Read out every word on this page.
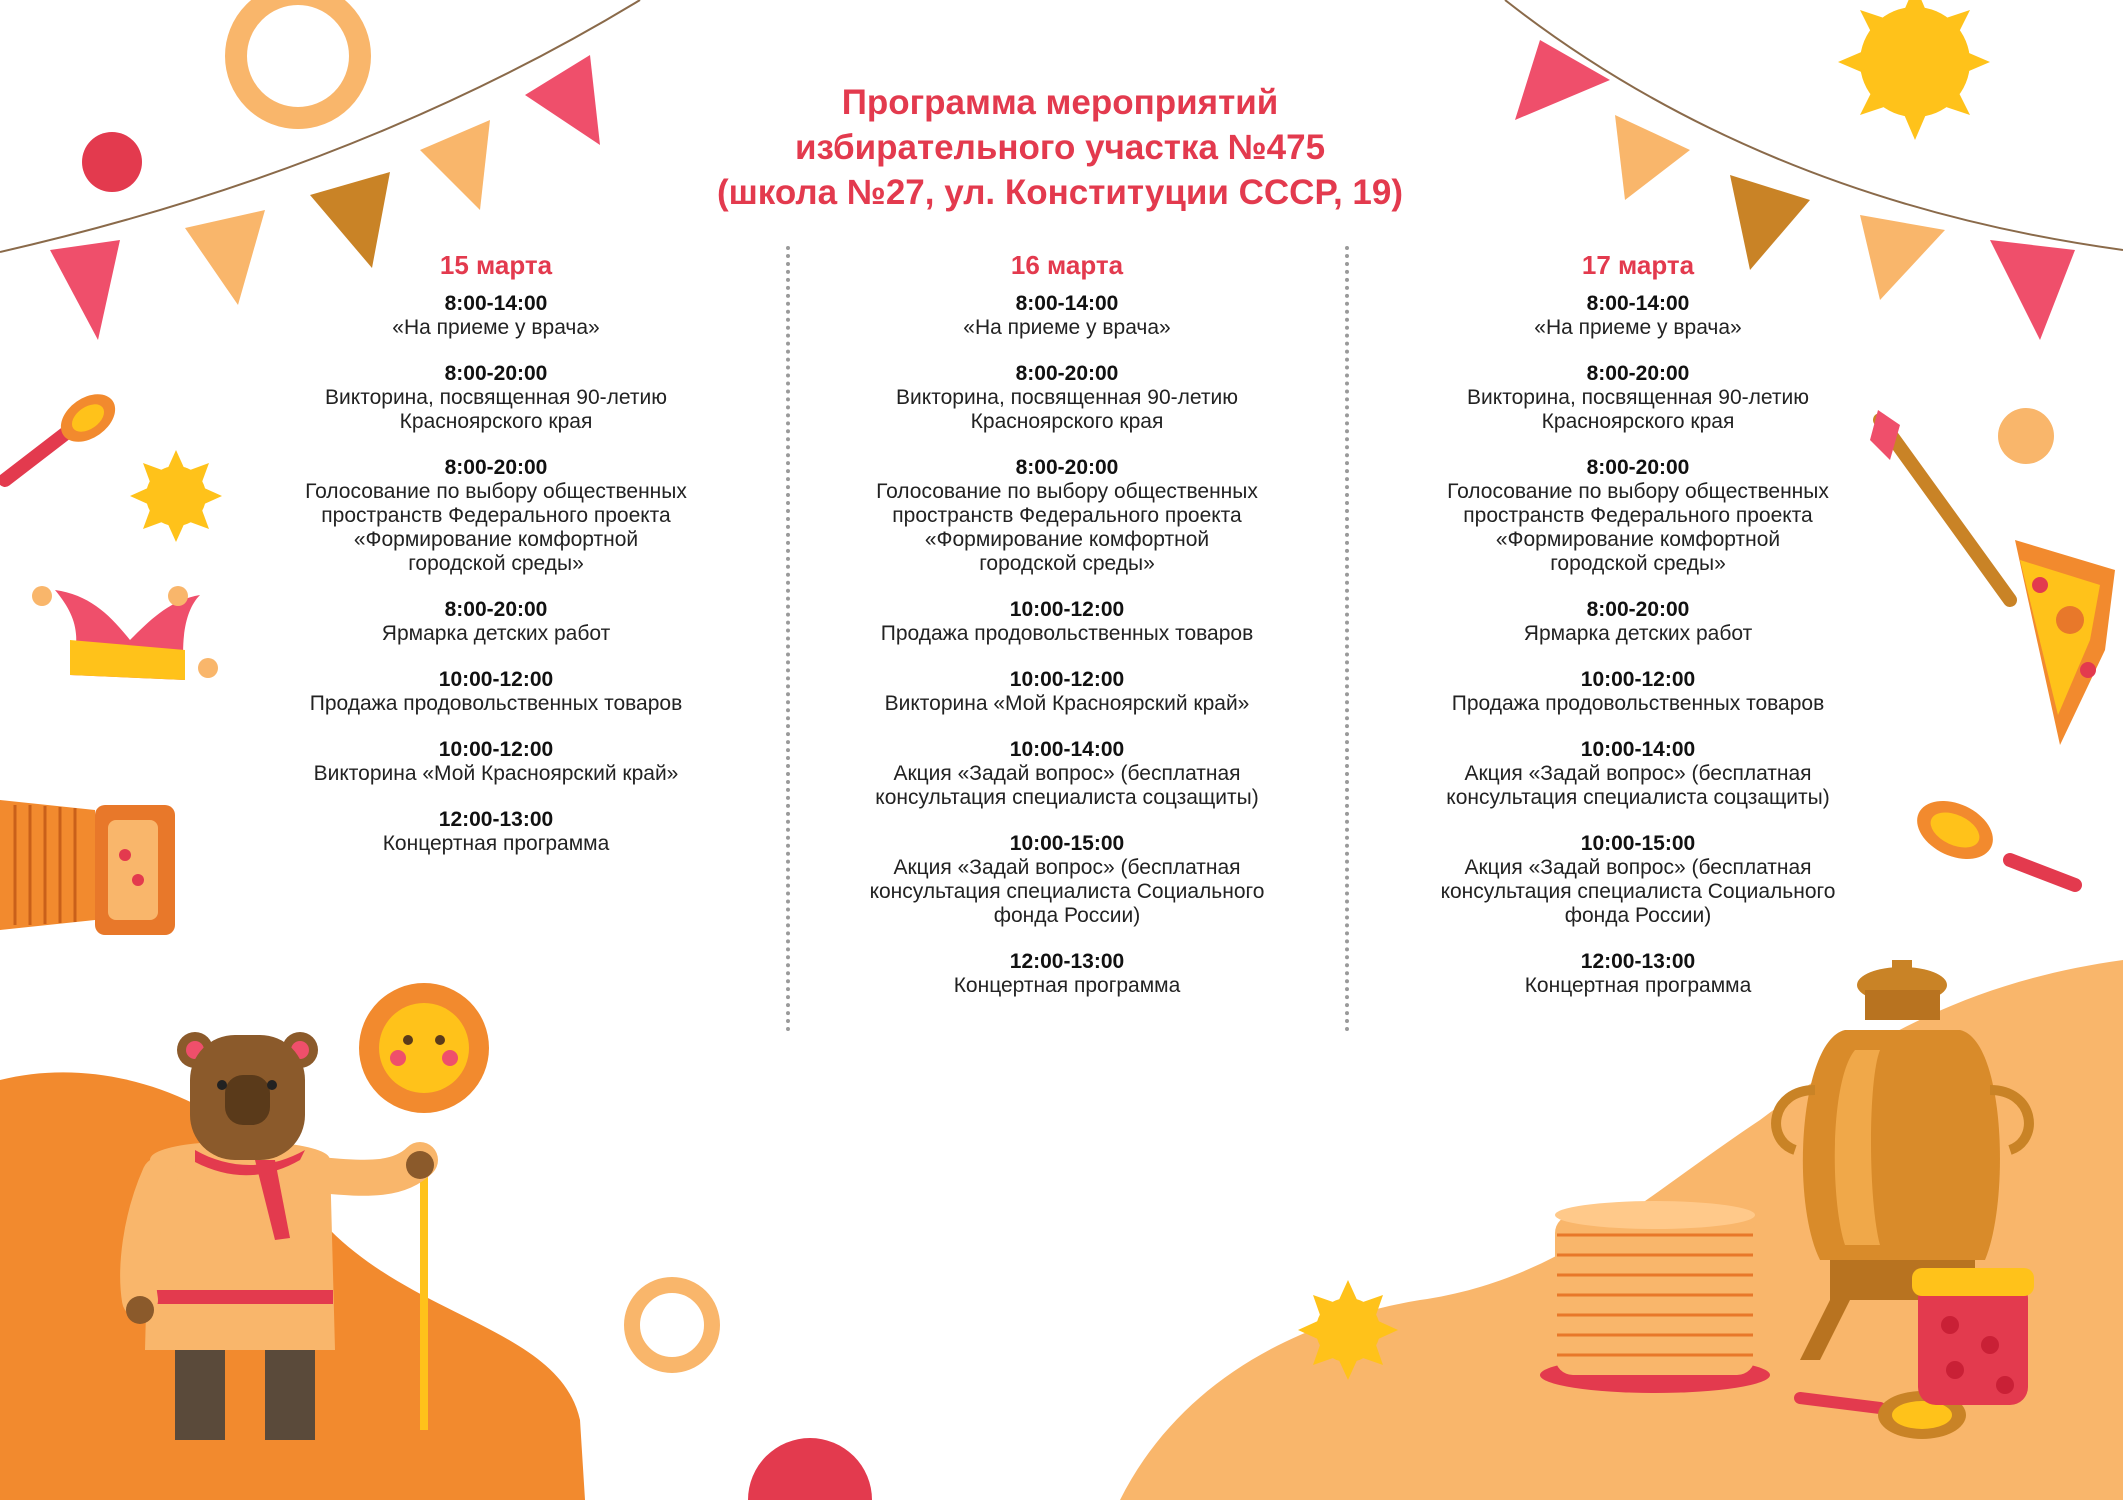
Программа мероприятий
избирательного участка №475
(школа №27, ул. Конституции СССР, 19)
15 марта
8:00-14:00
«На приеме у врача»
8:00-20:00
Викторина, посвященная 90-летию
Красноярского края
8:00-20:00
Голосование по выбору общественных
пространств Федерального проекта
«Формирование комфортной
городской среды»
8:00-20:00
Ярмарка детских работ
10:00-12:00
Продажа продовольственных товаров
10:00-12:00
Викторина «Мой Красноярский край»
12:00-13:00
Концертная программа
16 марта
8:00-14:00
«На приеме у врача»
8:00-20:00
Викторина, посвященная 90-летию
Красноярского края
8:00-20:00
Голосование по выбору общественных
пространств Федерального проекта
«Формирование комфортной
городской среды»
10:00-12:00
Продажа продовольственных товаров
10:00-12:00
Викторина «Мой Красноярский край»
10:00-14:00
Акция «Задай вопрос» (бесплатная
консультация специалиста соцзащиты)
10:00-15:00
Акция «Задай вопрос» (бесплатная
консультация специалиста Социального
фонда России)
12:00-13:00
Концертная программа
17 марта
8:00-14:00
«На приеме у врача»
8:00-20:00
Викторина, посвященная 90-летию
Красноярского края
8:00-20:00
Голосование по выбору общественных
пространств Федерального проекта
«Формирование комфортной
городской среды»
8:00-20:00
Ярмарка детских работ
10:00-12:00
Продажа продовольственных товаров
10:00-14:00
Акция «Задай вопрос» (бесплатная
консультация специалиста соцзащиты)
10:00-15:00
Акция «Задай вопрос» (бесплатная
консультация специалиста Социального
фонда России)
12:00-13:00
Концертная программа
